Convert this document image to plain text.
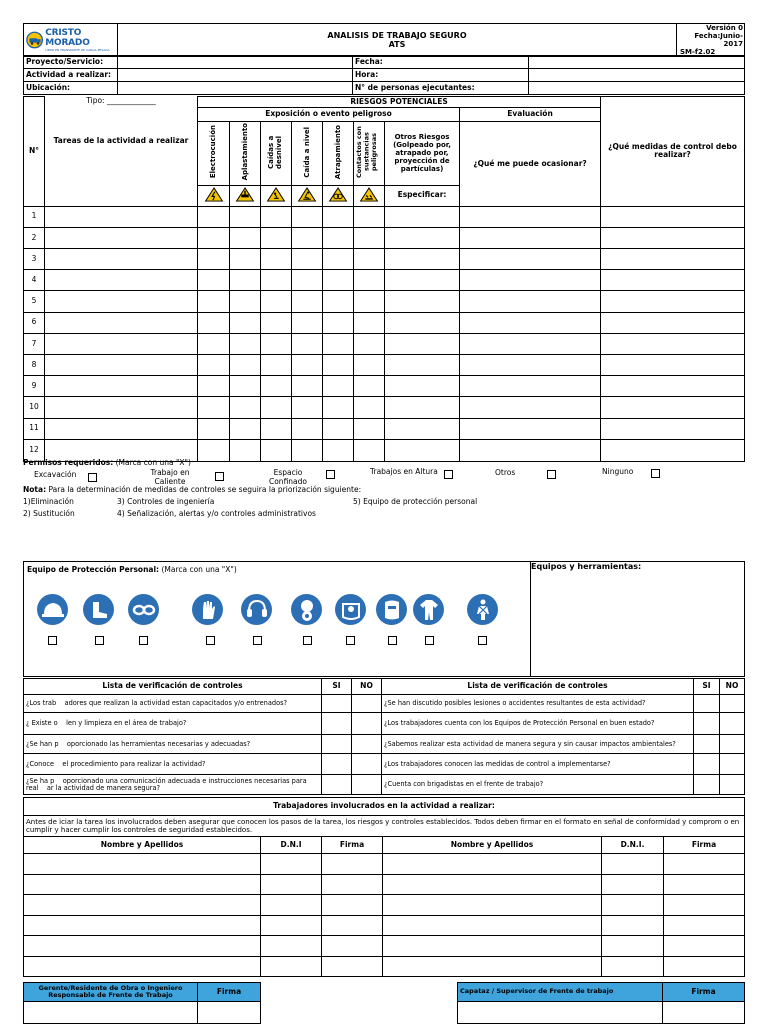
CRISTO MORADO
LÍDER EN TRANSPORTE DE CARGA PESADA

ANALISIS DE TRABAJO SEGURO
ATS

Versión 0
Fecha:Junio-2017
SM-f2.02
Proyecto/Servicio:		Fecha:	
Actividad a realizar:		Hora:	
Ubicación:		N° de personas ejecutantes:	
N°	Tipo: _____________
Tareas de la actividad a realizar	RIESGOS POTENCIALES								¿Qué medidas de control debo realizar?
		Exposición o evento peligroso							Evaluación	
		Electrocución	Aplastamiento	Caídas a desnivel	Caída a nivel	Atrapamiento	Contactos con sustancias peligrosas	Otros Riesgos (Golpeado por, atrapado por, proyección de partículas)	¿Qué me puede ocasionar?	
						Especificar:		
1										
2										
3										
4										
5										
6										
7										
8										
9										
10										
11										
12										
Permisos requeridos: (Marca con una "X")
Excavación	Trabajo en Caliente
Espacio Confinado
Trabajos en Altura	Otros	Ninguno
Nota: Para la determinación de medidas de controles se seguira la priorización siguiente:
1)Eliminación	3) Controles de ingeniería	5) Equipo de protección personal
2) Sustitución	4) Señalización, alertas y/o controles administrativos
Equipo de Protección Personal: (Marca con una "X")	Equipos y herramientas:
Lista de verificación de controles	SI	NO	Lista de verificación de controles	SI	NO
¿Los trab    adores que realizan la actividad estan capacitados y/o entrenados?			¿Se han discutido posibles lesiones o accidentes resultantes de esta actividad?		
¿ Existe o    len y limpieza en el área de trabajo?			¿Los trabajadores cuenta con los Equipos de Protección Personal en buen estado?		
¿Se han p    oporcionado las herramientas necesarias y adecuadas?			¿Sabemos realizar esta actividad de manera segura y sin causar impactos ambientales?		
¿Conoce    el procedimiento para realizar la actividad?			¿Los trabajadores conocen las medidas de control a implementarse?		
¿Se ha p    oporcionado una comunicación adecuada e instrucciones necesarias para real    ar la actividad de manera segura?			¿Cuenta con brigadistas en el frente de trabajo?		
Trabajadores involucrados en la actividad a realizar:					
Antes de iciar la tarea los involucrados deben asegurar que conocen los pasos de la tarea, los riesgos y controles establecidos. Todos deben firmar en el formato en señal de conformidad y comprom o en cumplir y hacer cumplir los controles de seguridad establecidos.					
Nombre y Apellidos	D.N.I	Firma	Nombre y Apellidos	D.N.I.	Firma

Gerente/Residente de Obra o Ingeniero Responsable de Frente de Trabajo	Firma
		Capataz / Supervisor de Frente de trabajo	Firma
